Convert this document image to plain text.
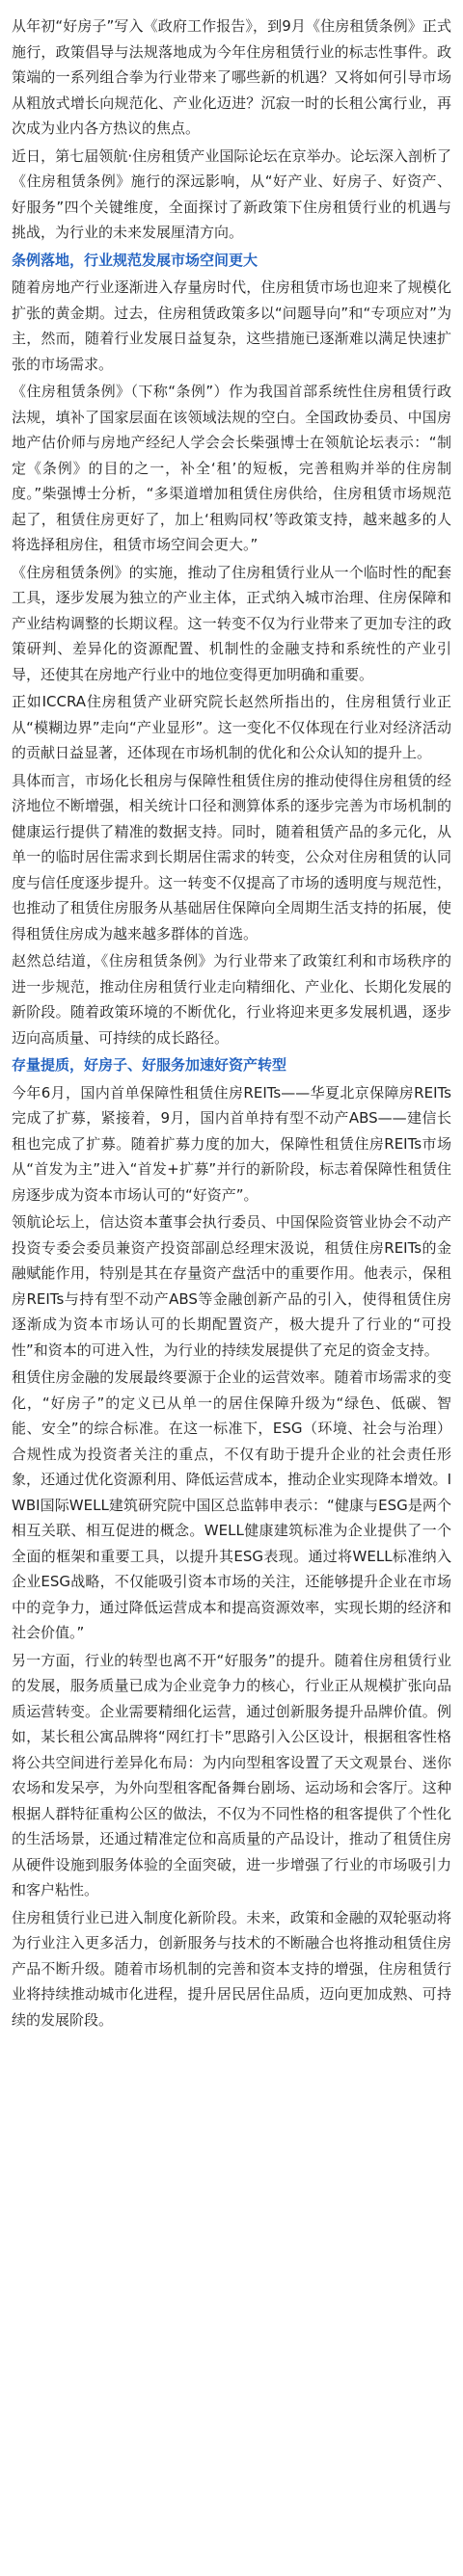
从年初“好房子”写入《政府工作报告》，到9月《住房租赁条例》正式施行，政策倡导与法规落地成为今年住房租赁行业的标志性事件。政策端的一系列组合拳为行业带来了哪些新的机遇？又将如何引导市场从粗放式增长向规范化、产业化迈进？沉寂一时的长租公寓行业，再次成为业内各方热议的焦点。

近日，第七届领航·住房租赁产业国际论坛在京举办。论坛深入剖析了《住房租赁条例》施行的深远影响，从“好产业、好房子、好资产、好服务”四个关键维度，全面探讨了新政策下住房租赁行业的机遇与挑战，为行业的未来发展厘清方向。

条例落地，行业规范发展市场空间更大

随着房地产行业逐渐进入存量房时代，住房租赁市场也迎来了规模化扩张的黄金期。过去，住房租赁政策多以“问题导向”和“专项应对”为主，然而，随着行业发展日益复杂，这些措施已逐渐难以满足快速扩张的市场需求。

《住房租赁条例》（下称“条例”）作为我国首部系统性住房租赁行政法规，填补了国家层面在该领域法规的空白。全国政协委员、中国房地产估价师与房地产经纪人学会会长柴强博士在领航论坛表示：“制定《条例》的目的之一，补全‘租’的短板，完善租购并举的住房制度。”柴强博士分析，“多渠道增加租赁住房供给，住房租赁市场规范起了，租赁住房更好了，加上‘租购同权’等政策支持，越来越多的人将选择租房住，租赁市场空间会更大。”

《住房租赁条例》的实施，推动了住房租赁行业从一个临时性的配套工具，逐步发展为独立的产业主体，正式纳入城市治理、住房保障和产业结构调整的长期议程。这一转变不仅为行业带来了更加专注的政策研判、差异化的资源配置、机制性的金融支持和系统性的产业引导，还使其在房地产行业中的地位变得更加明确和重要。

正如ICCRA住房租赁产业研究院长赵然所指出的，住房租赁行业正从“模糊边界”走向“产业显形”。这一变化不仅体现在行业对经济活动的贡献日益显著，还体现在市场机制的优化和公众认知的提升上。

具体而言，市场化长租房与保障性租赁住房的推动使得住房租赁的经济地位不断增强，相关统计口径和测算体系的逐步完善为市场机制的健康运行提供了精准的数据支持。同时，随着租赁产品的多元化，从单一的临时居住需求到长期居住需求的转变，公众对住房租赁的认同度与信任度逐步提升。这一转变不仅提高了市场的透明度与规范性，也推动了租赁住房服务从基础居住保障向全周期生活支持的拓展，使得租赁住房成为越来越多群体的首选。

赵然总结道，《住房租赁条例》为行业带来了政策红利和市场秩序的进一步规范，推动住房租赁行业走向精细化、产业化、长期化发展的新阶段。随着政策环境的不断优化，行业将迎来更多发展机遇，逐步迈向高质量、可持续的成长路径。

存量提质，好房子、好服务加速好资产转型

今年6月，国内首单保障性租赁住房REITs——华夏北京保障房REITs完成了扩募，紧接着，9月，国内首单持有型不动产ABS——建信长租也完成了扩募。随着扩募力度的加大，保障性租赁住房REITs市场从“首发为主”进入“首发+扩募”并行的新阶段，标志着保障性租赁住房逐步成为资本市场认可的“好资产”。

领航论坛上，信达资本董事会执行委员、中国保险资管业协会不动产投资专委会委员兼资产投资部副总经理宋汲说，租赁住房REITs的金融赋能作用，特别是其在存量资产盘活中的重要作用。他表示，保租房REITs与持有型不动产ABS等金融创新产品的引入，使得租赁住房逐渐成为资本市场认可的长期配置资产，极大提升了行业的“可投性”和资本的可进入性，为行业的持续发展提供了充足的资金支持。

租赁住房金融的发展最终要源于企业的运营效率。随着市场需求的变化，“好房子”的定义已从单一的居住保障升级为“绿色、低碳、智能、安全”的综合标准。在这一标准下，ESG（环境、社会与治理）合规性成为投资者关注的重点，不仅有助于提升企业的社会责任形象，还通过优化资源利用、降低运营成本，推动企业实现降本增效。IWBI国际WELL建筑研究院中国区总监韩申表示：“健康与ESG是两个相互关联、相互促进的概念。WELL健康建筑标准为企业提供了一个全面的框架和重要工具，以提升其ESG表现。通过将WELL标准纳入企业ESG战略，不仅能吸引资本市场的关注，还能够提升企业在市场中的竞争力，通过降低运营成本和提高资源效率，实现长期的经济和社会价值。”

另一方面，行业的转型也离不开“好服务”的提升。随着住房租赁行业的发展，服务质量已成为企业竞争力的核心，行业正从规模扩张向品质运营转变。企业需要精细化运营，通过创新服务提升品牌价值。例如，某长租公寓品牌将“网红打卡”思路引入公区设计，根据租客性格将公共空间进行差异化布局：为内向型租客设置了天文观景台、迷你农场和发呆亭，为外向型租客配备舞台剧场、运动场和会客厅。这种根据人群特征重构公区的做法，不仅为不同性格的租客提供了个性化的生活场景，还通过精准定位和高质量的产品设计，推动了租赁住房从硬件设施到服务体验的全面突破，进一步增强了行业的市场吸引力和客户粘性。

住房租赁行业已进入制度化新阶段。未来，政策和金融的双轮驱动将为行业注入更多活力，创新服务与技术的不断融合也将推动租赁住房产品不断升级。随着市场机制的完善和资本支持的增强，住房租赁行业将持续推动城市化进程，提升居民居住品质，迈向更加成熟、可持续的发展阶段。
